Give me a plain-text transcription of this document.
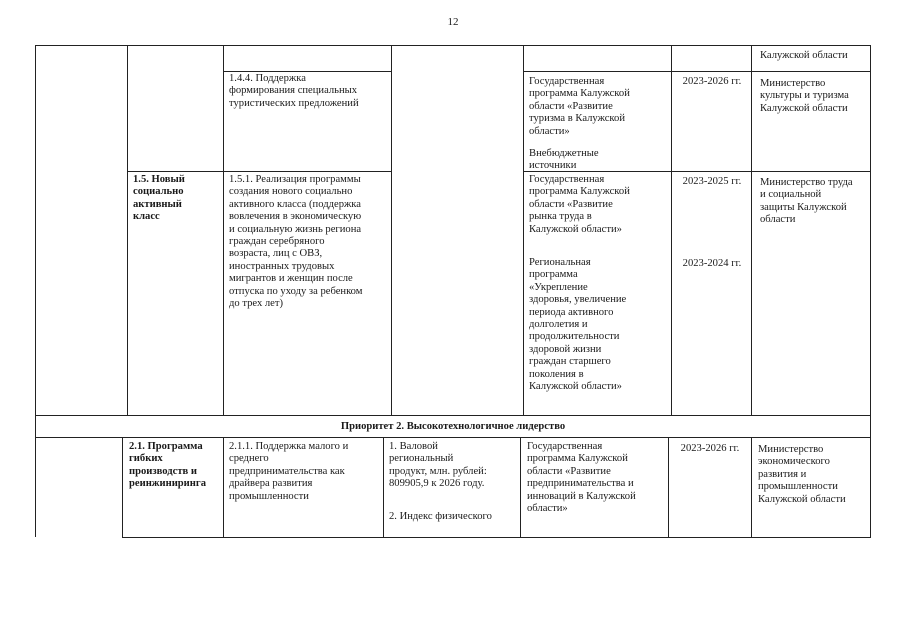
12
Калужской области
1.4.4. Поддержка
формирования специальных
туристических предложений
Государственная
программа Калужской
области «Развитие
туризма в Калужской
области»
Внебюджетные
источники
2023-2026 гг.	Министерство
культуры и туризма
Калужской области
1.5. Новый
социально
активный
класс
1.5.1. Реализация программы
создания нового социально
активного класса (поддержка
вовлечения в экономическую
и социальную жизнь региона
граждан серебряного
возраста, лиц с ОВЗ,
иностранных трудовых
мигрантов и женщин после
отпуска по уходу за ребенком
до трех лет)
Государственная
программа Калужской
области «Развитие
рынка труда в
Калужской области»
Региональная
программа
«Укрепление
здоровья, увеличение
периода активного
долголетия и
продолжительности
здоровой жизни
граждан старшего
поколения в
Калужской области»
2023-2025 гг.
2023-2024 гг.
Министерство труда
и социальной
защиты Калужской
области
Приоритет 2. Высокотехнологичное лидерство
2.1. Программа
гибких
производств и
реинжиниринга
2.1.1. Поддержка малого и
среднего
предпринимательства как
драйвера развития
промышленности
1. Валовой
региональный
продукт, млн. рублей:
809905,9 к 2026 году.
2. Индекс физического
Государственная
программа Калужской
области «Развитие
предпринимательства и
инноваций в Калужской
области»
2023-2026 гг.	Министерство
экономического
развития и
промышленности
Калужской области
